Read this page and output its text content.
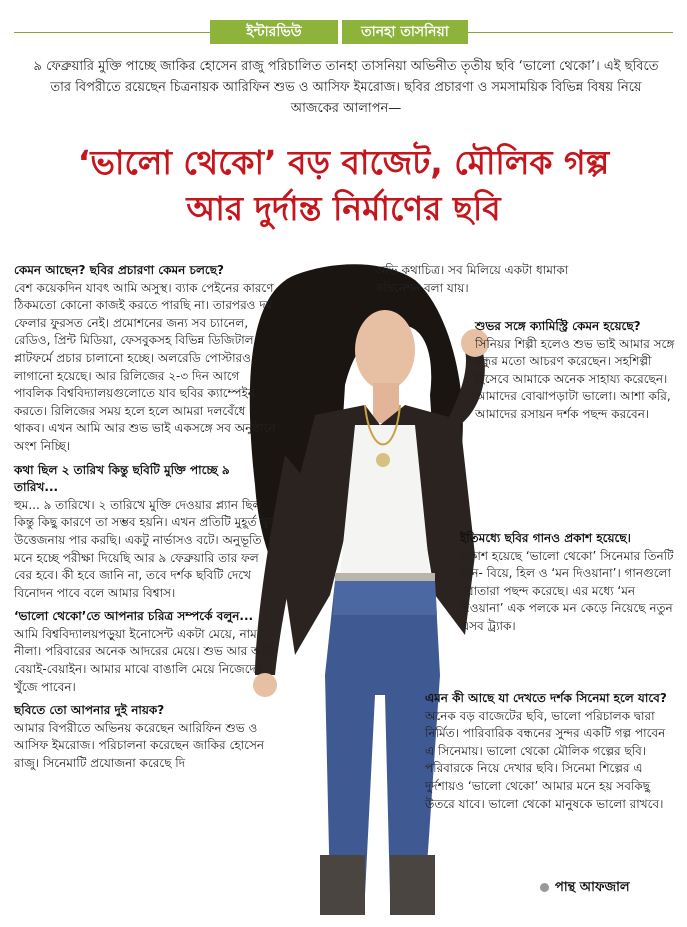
ইন্টারভিউ	তানহা তাসনিয়া
৯ ফেব্রুয়ারি মুক্তি পাচ্ছে জাকির হোসেন রাজু পরিচালিত তানহা তাসনিয়া অভিনীত তৃতীয় ছবি ‘ভালো থেকো’। এই ছবিতে তার বিপরীতে রয়েছেন চিত্রনায়ক আরিফিন শুভ ও আসিফ ইমরোজ। ছবির প্রচারণা ও সমসাময়িক বিভিন্ন বিষয় নিয়ে আজকের আলাপন—
‘ভালো থেকো’ বড় বাজেট, মৌলিক গল্প
আর দুর্দান্ত নির্মাণের ছবি

কেমন আছেন? ছবির প্রচারণা কেমন চলছে?
বেশ কয়েকদিন যাবৎ আমি অসুস্থ। ব্যাক পেইনের কারণে ঠিকমতো কোনো কাজই করতে পারছি না। তারপরও দম ফেলার ফুরসত নেই। প্রমোশনের জন্য সব চ্যানেল, রেডিও, প্রিন্ট মিডিয়া, ফেসবুকসহ বিভিন্ন ডিজিটাল প্লাটফর্মে প্রচার চালানো হচ্ছে। অলরেডি পোস্টারও লাগানো হয়েছে। আর রিলিজের ২-৩ দিন আগে পাবলিক বিশ্ববিদ্যালয়গুলোতে যাব ছবির ক্যাম্পেইন করতে। রিলিজের সময় হলে হলে আমরা দলবেঁধে থাকব। এখন আমি আর শুভ ভাই একসঙ্গে সব অনুষ্ঠানে অংশ নিচ্ছি।

কথা ছিল ২ তারিখ কিন্তু ছবিটি মুক্তি পাচ্ছে ৯ তারিখ...
হুম... ৯ তারিখে। ২ তারিখে মুক্তি দেওয়ার প্ল্যান ছিল কিন্তু কিছু কারণে তা সম্ভব হয়নি। এখন প্রতিটি মুহূর্ত খুব উত্তেজনায় পার করছি। একটু নার্ভাসও বটে। অনুভূতি মনে হচ্ছে পরীক্ষা দিয়েছি আর ৯ ফেব্রুয়ারি তার ফল বের হবে। কী হবে জানি না, তবে দর্শক ছবিটি দেখে বিনোদন পাবে বলে আমার বিশ্বাস।

‘ভালো থেকো’তে আপনার চরিত্র সম্পর্কে বলুন...
আমি বিশ্ববিদ্যালয়পড়ুয়া ইনোসেন্ট একটা মেয়ে, নাম নীলা। পরিবারের অনেক আদরের মেয়ে। শুভ আর আমি বেয়াই-বেয়াইন। আমার মাঝে বাঙালি মেয়ে নিজেদের খুঁজে পাবেন।

ছবিতে তো আপনার দুই নায়ক?
আমার বিপরীতে অভিনয় করেছেন আরিফিন শুভ ও আসিফ ইমরোজ। পরিচালনা করেছেন জাকির হোসেন রাজু। সিনেমাটি প্রযোজনা করেছে দি

অভি কথাচিত্র। সব মিলিয়ে একটা ধামাকা কম্বিনেশন বলা যায়।
শুভর সঙ্গে ক্যামিস্ট্রি কেমন হয়েছে?
সিনিয়র শিল্পী হলেও শুভ ভাই আমার সঙ্গে বন্ধুর মতো আচরণ করেছেন। সহশিল্পী হিসেবে আমাকে অনেক সাহায্য করেছেন। আমাদের বোঝাপড়াটা ভালো। আশা করি, আমাদের রসায়ন দর্শক পছন্দ করবেন।
ইতিমধ্যে ছবির গানও প্রকাশ হয়েছে।
প্রকাশ হয়েছে ‘ভালো থেকো’ সিনেমার তিনটি গান- বিয়ে, হিল ও ‘মন দিওয়ানা’। গানগুলো শ্রোতারা পছন্দ করেছে। এর মধ্যে ‘মন দিওয়ানা’ এক পলকে মন কেড়ে নিয়েছে নতুন এসব ট্র্যাক।
এমন কী আছে যা দেখতে দর্শক সিনেমা হলে যাবে?
অনেক বড় বাজেটের ছবি, ভালো পরিচালক দ্বারা নির্মিত। পারিবারিক বন্ধনের সুন্দর একটি গল্প পাবেন এ সিনেমায়। ভালো থেকো মৌলিক গল্পের ছবি। পরিবারকে নিয়ে দেখার ছবি। সিনেমা শিল্পের এ দুর্দশায়ও ‘ভালো থেকো’ আমার মনে হয় সবকিছু উতরে যাবে। ভালো থেকো মানুষকে ভালো রাখবে।
পান্থ আফজাল
